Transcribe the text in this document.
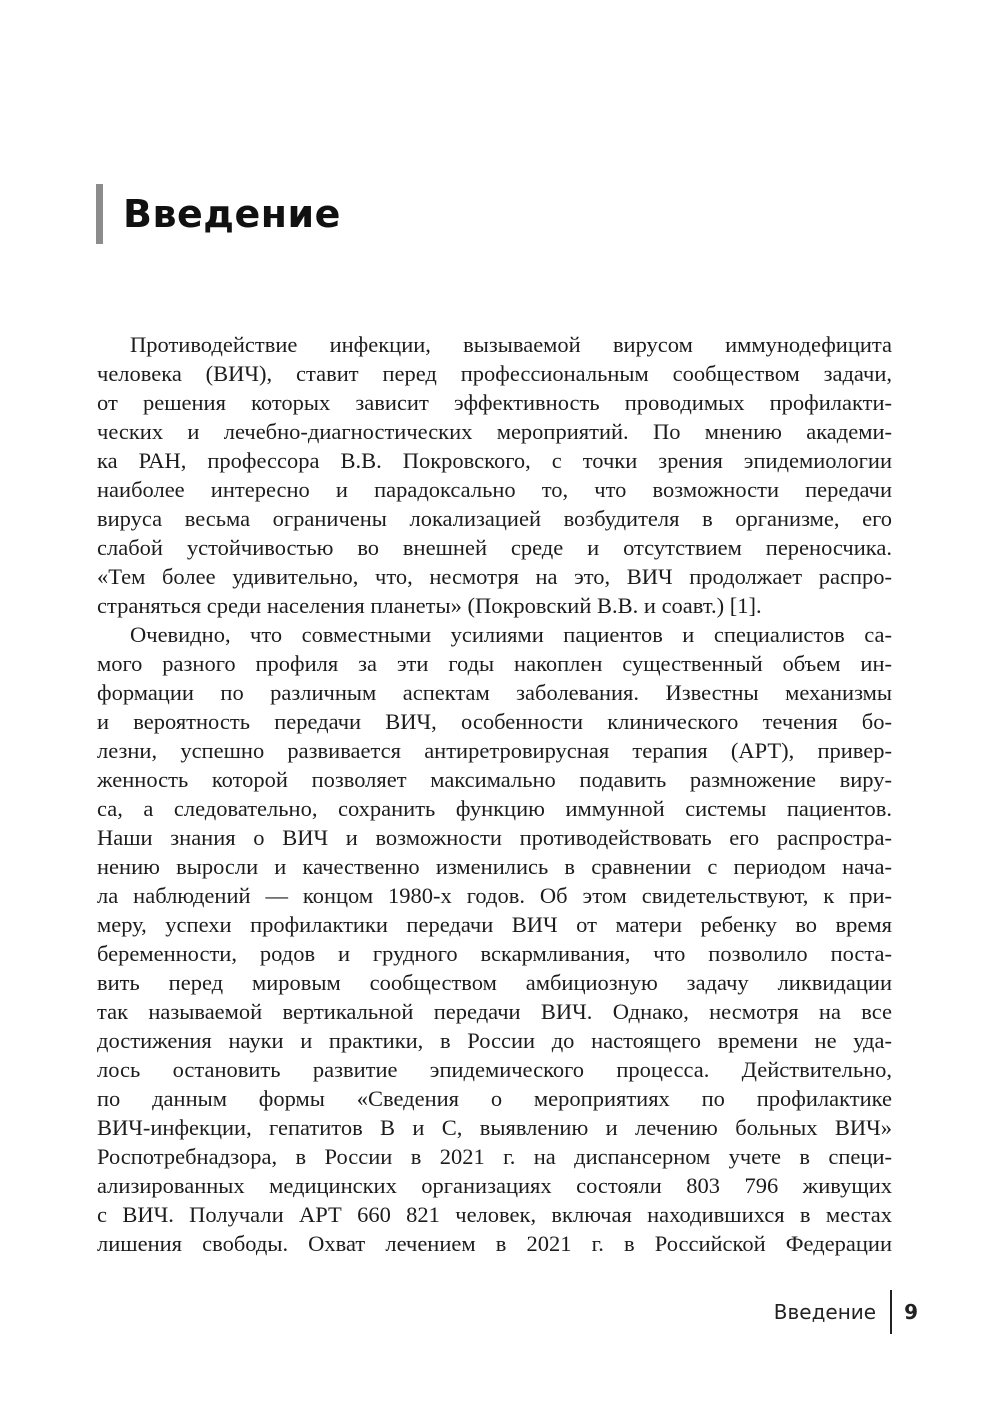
Введение
Противодействие инфекции, вызываемой вирусом иммунодефицита
человека (ВИЧ), ставит перед профессиональным сообществом задачи,
от решения которых зависит эффективность проводимых профилакти-
ческих и лечебно-диагностических мероприятий. По мнению академи-
ка РАН, профессора В.В. Покровского, с точки зрения эпидемиологии
наиболее интересно и парадоксально то, что возможности передачи
вируса весьма ограничены локализацией возбудителя в организме, его
слабой устойчивостью во внешней среде и отсутствием переносчика.
«Тем более удивительно, что, несмотря на это, ВИЧ продолжает распро-
страняться среди населения планеты» (Покровский В.В. и соавт.) [1].
Очевидно, что совместными усилиями пациентов и специалистов са-
мого разного профиля за эти годы накоплен существенный объем ин-
формации по различным аспектам заболевания. Известны механизмы
и вероятность передачи ВИЧ, особенности клинического течения бо-
лезни, успешно развивается антиретровирусная терапия (АРТ), привер-
женность которой позволяет максимально подавить размножение виру-
са, а следовательно, сохранить функцию иммунной системы пациентов.
Наши знания о ВИЧ и возможности противодействовать его распростра-
нению выросли и качественно изменились в сравнении с периодом нача-
ла наблюдений — концом 1980-х годов. Об этом свидетельствуют, к при-
меру, успехи профилактики передачи ВИЧ от матери ребенку во время
беременности, родов и грудного вскармливания, что позволило поста-
вить перед мировым сообществом амбициозную задачу ликвидации
так называемой вертикальной передачи ВИЧ. Однако, несмотря на все
достижения науки и практики, в России до настоящего времени не уда-
лось остановить развитие эпидемического процесса. Действительно,
по данным формы «Сведения о мероприятиях по профилактике
ВИЧ-инфекции, гепатитов В и С, выявлению и лечению больных ВИЧ»
Роспотребнадзора, в России в 2021 г. на диспансерном учете в специ-
ализированных медицинских организациях состояли 803 796 живущих
с ВИЧ. Получали АРТ 660 821 человек, включая находившихся в местах
лишения свободы. Охват лечением в 2021 г. в Российской Федерации
Введение 9
